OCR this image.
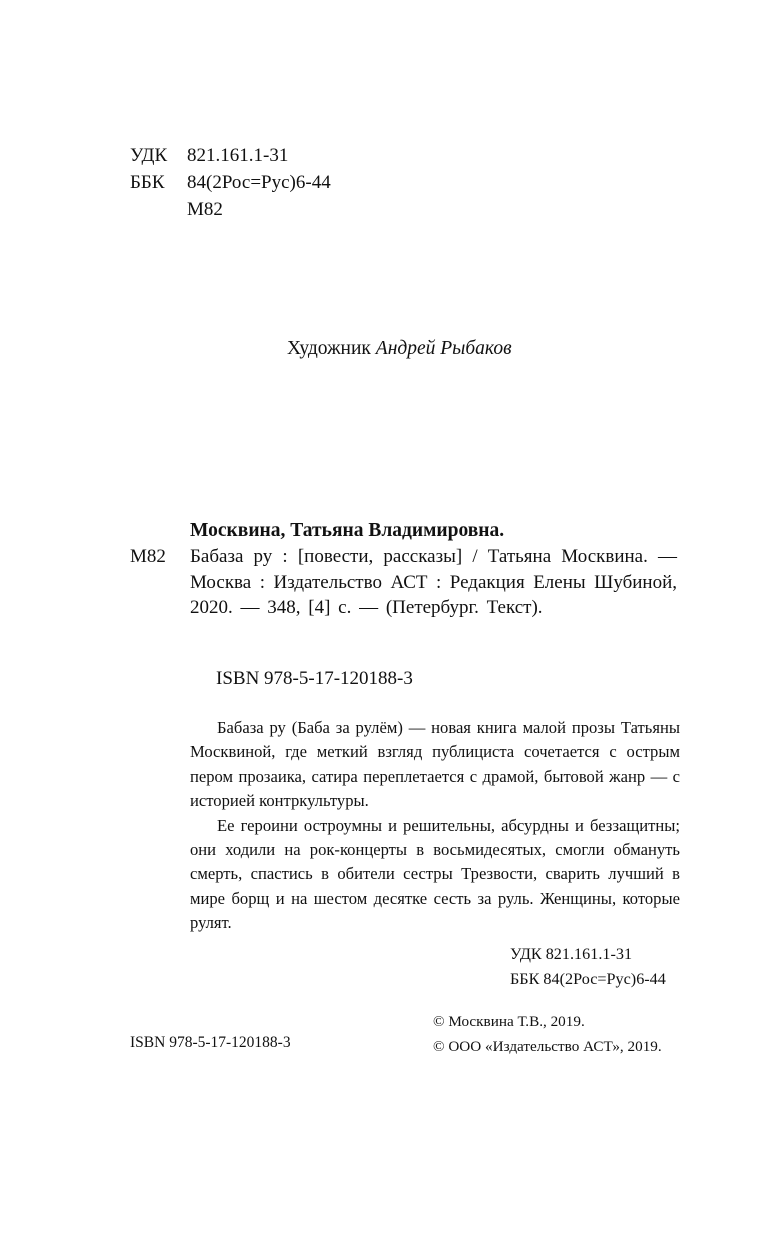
УДК	821.161.1-31
ББК	84(2Рос=Рус)6-44
М82
Художник Андрей Рыбаков
Москвина, Татьяна Владимировна.
М82 Бабаза ру : [повести, рассказы] / Татьяна Москвина. — Москва : Издательство АСТ : Редакция Елены Шубиной, 2020. — 348, [4] с. — (Петербург. Текст).
ISBN 978-5-17-120188-3

Бабаза ру (Баба за рулём) — новая книга малой прозы Татьяны Москвиной, где меткий взгляд публициста сочетается с острым пером прозаика, сатира переплетается с драмой, бытовой жанр — с историей контркультуры.

Ее героини остроумны и решительны, абсурдны и беззащитны; они ходили на рок-концерты в восьмидесятых, смогли обмануть смерть, спастись в обители сестры Трезвости, сварить лучший в мире борщ и на шестом десятке сесть за руль. Женщины, которые рулят.

УДК 821.161.1-31
ББК 84(2Рос=Рус)6-44
© Москвина Т.В., 2019.
© ООО «Издательство АСТ», 2019.
ISBN 978-5-17-120188-3
